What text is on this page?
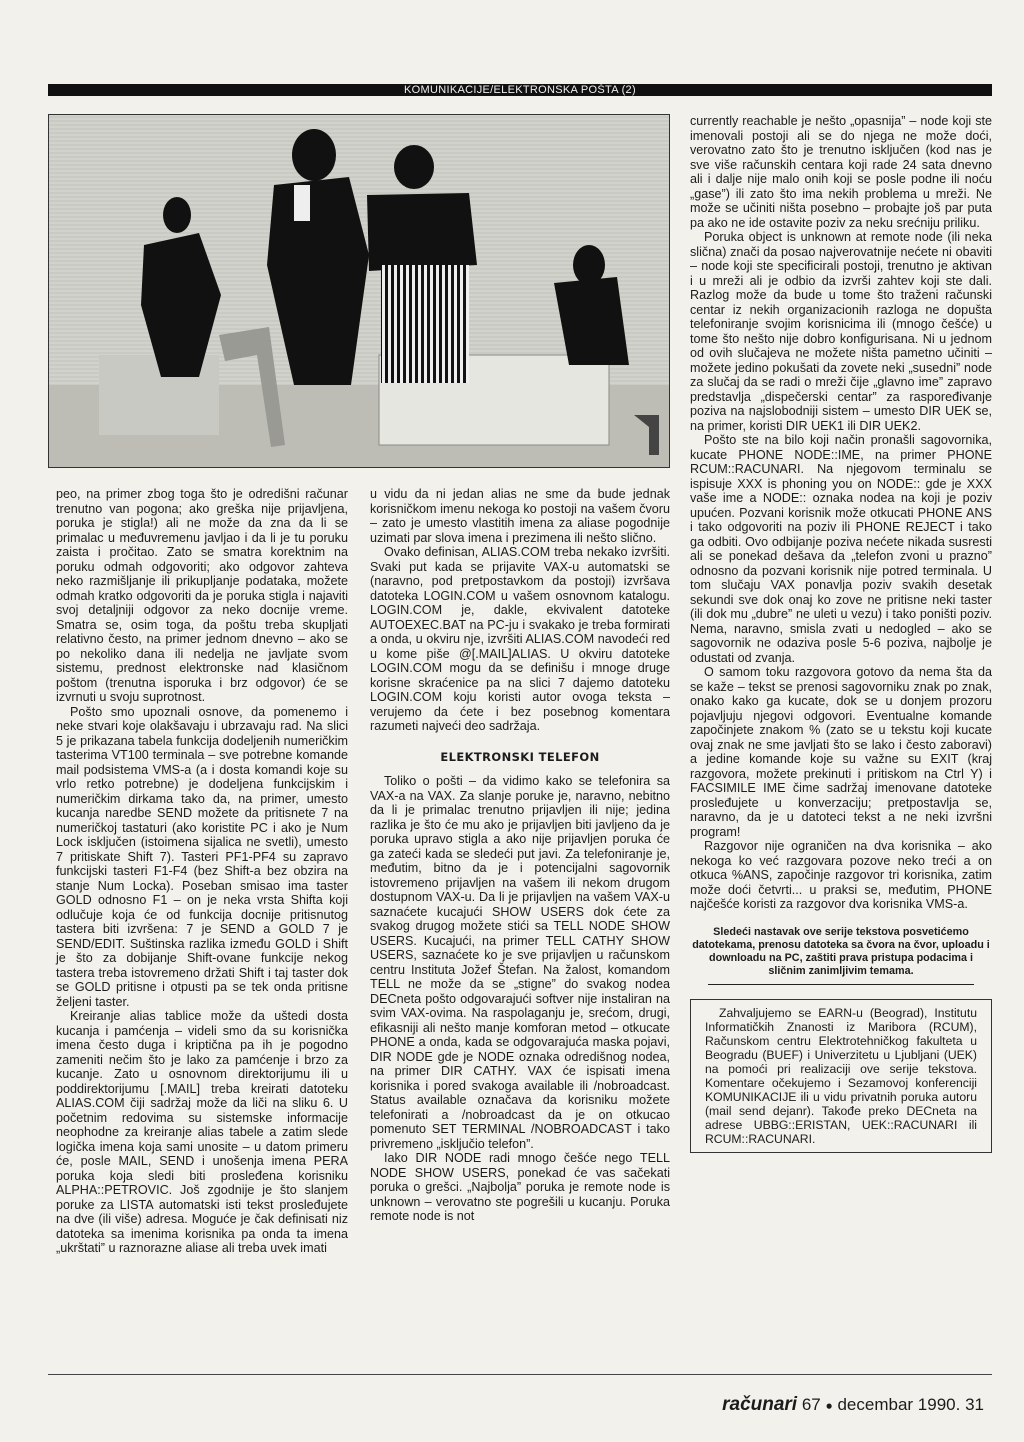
KOMUNIKACIJE/ELEKTRONSKA POŠTA (2)

peo, na primer zbog toga što je odredišni računar trenutno van pogona; ako greška nije prijavljena, poruka je stigla!) ali ne može da zna da li se primalac u međuvremenu javljao i da li je tu poruku zaista i pročitao. Zato se smatra korektnim na poruku odmah odgovoriti; ako odgovor zahteva neko razmišljanje ili prikupljanje podataka, možete odmah kratko odgovoriti da je poruka stigla i najaviti svoj detaljniji odgovor za neko docnije vreme. Smatra se, osim toga, da poštu treba skupljati relativno često, na primer jednom dnevno – ako se po nekoliko dana ili nedelja ne javljate svom sistemu, prednost elektronske nad klasičnom poštom (trenutna isporuka i brz odgovor) će se izvrnuti u svoju suprotnost.

Pošto smo upoznali osnove, da pomenemo i neke stvari koje olakšavaju i ubrzavaju rad. Na slici 5 je prikazana tabela funkcija dodeljenih numeričkim tasterima VT100 terminala – sve potrebne komande mail podsistema VMS-a (a i dosta komandi koje su vrlo retko potrebne) je dodeljena funkcijskim i numeričkim dirkama tako da, na primer, umesto kucanja naredbe SEND možete da pritisnete 7 na numeričkoj tastaturi (ako koristite PC i ako je Num Lock isključen (istoimena sijalica ne svetli), umesto 7 pritiskate Shift 7). Tasteri PF1-PF4 su zapravo funkcijski tasteri F1-F4 (bez Shift-a bez obzira na stanje Num Locka). Poseban smisao ima taster GOLD odnosno F1 – on je neka vrsta Shifta koji odlučuje koja će od funkcija docnije pritisnutog tastera biti izvršena: 7 je SEND a GOLD 7 je SEND/EDIT. Suštinska razlika između GOLD i Shift je što za dobijanje Shift-ovane funkcije nekog tastera treba istovremeno držati Shift i taj taster dok se GOLD pritisne i otpusti pa se tek onda pritisne željeni taster.

Kreiranje alias tablice može da uštedi dosta kucanja i pamćenja – videli smo da su korisnička imena često duga i kriptična pa ih je pogodno zameniti nečim što je lako za pamćenje i brzo za kucanje. Zato u osnovnom direktorijumu ili u poddirektorijumu [.MAIL] treba kreirati datoteku ALIAS.COM čiji sadržaj može da liči na sliku 6. U početnim redovima su sistemske informacije neophodne za kreiranje alias tabele a zatim slede logička imena koja sami unosite – u datom primeru će, posle MAIL, SEND i unošenja imena PERA poruka koja sledi biti prosleđena korisniku ALPHA::PETROVIC. Još zgodnije je što slanjem poruke za LISTA automatski isti tekst prosleđujete na dve (ili više) adresa. Moguće je čak definisati niz datoteka sa imenima korisnika pa onda ta imena „ukrštati” u raznorazne aliase ali treba uvek imati

u vidu da ni jedan alias ne sme da bude jednak korisničkom imenu nekoga ko postoji na vašem čvoru – zato je umesto vlastitih imena za aliase pogodnije uzimati par slova imena i prezimena ili nešto slično.

Ovako definisan, ALIAS.COM treba nekako izvršiti. Svaki put kada se prijavite VAX-u automatski se (naravno, pod pretpostavkom da postoji) izvršava datoteka LOGIN.COM u vašem osnovnom katalogu. LOGIN.COM je, dakle, ekvivalent datoteke AUTOEXEC.BAT na PC-ju i svakako je treba formirati a onda, u okviru nje, izvršiti ALIAS.COM navodeći red u kome piše @[.MAIL]ALIAS. U okviru datoteke LOGIN.COM mogu da se definišu i mnoge druge korisne skraćenice pa na slici 7 dajemo datoteku LOGIN.COM koju koristi autor ovoga teksta – verujemo da ćete i bez posebnog komentara razumeti najveći deo sadržaja.

ELEKTRONSKI TELEFON

Toliko o pošti – da vidimo kako se telefonira sa VAX-a na VAX. Za slanje poruke je, naravno, nebitno da li je primalac trenutno prijavljen ili nije; jedina razlika je što će mu ako je prijavljen biti javljeno da je poruka upravo stigla a ako nije prijavljen poruka će ga zateći kada se sledeći put javi. Za telefoniranje je, međutim, bitno da je i potencijalni sagovornik istovremeno prijavljen na vašem ili nekom drugom dostupnom VAX-u. Da li je prijavljen na vašem VAX-u saznaćete kucajući SHOW USERS dok ćete za svakog drugog možete stići sa TELL NODE SHOW USERS. Kucajući, na primer TELL CATHY SHOW USERS, saznaćete ko je sve prijavljen u računskom centru Instituta Jožef Štefan. Na žalost, komandom TELL ne može da se „stigne” do svakog nodea DECneta pošto odgovarajući softver nije instaliran na svim VAX-ovima. Na raspolaganju je, srećom, drugi, efikasniji ali nešto manje komforan metod – otkucate PHONE a onda, kada se odgovarajuća maska pojavi, DIR NODE gde je NODE oznaka odredišnog nodea, na primer DIR CATHY. VAX će ispisati imena korisnika i pored svakoga available ili /nobroadcast. Status available označava da korisniku možete telefonirati a /nobroadcast da je on otkucao pomenuto SET TERMINAL /NOBROADCAST i tako privremeno „isključio telefon”.

Iako DIR NODE radi mnogo češće nego TELL NODE SHOW USERS, ponekad će vas sačekati poruka o grešci. „Najbolja” poruka je remote node is unknown – verovatno ste pogrešili u kucanju. Poruka remote node is not

currently reachable je nešto „opasnija” – node koji ste imenovali postoji ali se do njega ne može doći, verovatno zato što je trenutno isključen (kod nas je sve više računskih centara koji rade 24 sata dnevno ali i dalje nije malo onih koji se posle podne ili noću „gase”) ili zato što ima nekih problema u mreži. Ne može se učiniti ništa posebno – probajte još par puta pa ako ne ide ostavite poziv za neku srećniju priliku.

Poruka object is unknown at remote node (ili neka slična) znači da posao najverovatnije nećete ni obaviti – node koji ste specificirali postoji, trenutno je aktivan i u mreži ali je odbio da izvrši zahtev koji ste dali. Razlog može da bude u tome što traženi računski centar iz nekih organizacionih razloga ne dopušta telefoniranje svojim korisnicima ili (mnogo češće) u tome što nešto nije dobro konfigurisana. Ni u jednom od ovih slučajeva ne možete ništa pametno učiniti – možete jedino pokušati da zovete neki „susedni” node za slučaj da se radi o mreži čije „glavno ime” zapravo predstavlja „dispečerski centar” za raspoređivanje poziva na najslobodniji sistem – umesto DIR UEK se, na primer, koristi DIR UEK1 ili DIR UEK2.

Pošto ste na bilo koji način pronašli sagovornika, kucate PHONE NODE::IME, na primer PHONE RCUM::RACUNARI. Na njegovom terminalu se ispisuje XXX is phoning you on NODE:: gde je XXX vaše ime a NODE:: oznaka nodea na koji je poziv upućen. Pozvani korisnik može otkucati PHONE ANS i tako odgovoriti na poziv ili PHONE REJECT i tako ga odbiti. Ovo odbijanje poziva nećete nikada susresti ali se ponekad dešava da „telefon zvoni u prazno” odnosno da pozvani korisnik nije potred terminala. U tom slučaju VAX ponavlja poziv svakih desetak sekundi sve dok onaj ko zove ne pritisne neki taster (ili dok mu „dubre” ne uleti u vezu) i tako poništi poziv. Nema, naravno, smisla zvati u nedogled – ako se sagovornik ne odaziva posle 5-6 poziva, najbolje je odustati od zvanja.

O samom toku razgovora gotovo da nema šta da se kaže – tekst se prenosi sagovorniku znak po znak, onako kako ga kucate, dok se u donjem prozoru pojavljuju njegovi odgovori. Eventualne komande započinjete znakom % (zato se u tekstu koji kucate ovaj znak ne sme javljati što se lako i često zaboravi) a jedine komande koje su važne su EXIT (kraj razgovora, možete prekinuti i pritiskom na Ctrl Y) i FACSIMILE IME čime sadržaj imenovane datoteke prosleđujete u konverzaciju; pretpostavlja se, naravno, da je u datoteci tekst a ne neki izvršni program!

Razgovor nije ograničen na dva korisnika – ako nekoga ko već razgovara pozove neko treći a on otkuca %ANS, započinje razgovor tri korisnika, zatim može doći četvrti... u praksi se, međutim, PHONE najčešće koristi za razgovor dva korisnika VMS-a.

Sledeći nastavak ove serije tekstova posvetićemo datotekama, prenosu datoteka sa čvora na čvor, uploadu i downloadu na PC, zaštiti prava pristupa podacima i sličnim zanimljivim temama.

Zahvaljujemo se EARN-u (Beograd), Institutu Informatičkih Znanosti iz Maribora (RCUM), Računskom centru Elektrotehničkog fakulteta u Beogradu (BUEF) i Univerzitetu u Ljubljani (UEK) na pomoći pri realizaciji ove serije tekstova. Komentare očekujemo i Sezamovoj konferenciji KOMUNIKACIJE ili u vidu privatnih poruka autoru (mail send dejanr). Takođe preko DECneta na adrese UBBG::ERISTAN, UEK::RACUNARI ili RCUM::RACUNARI.

računari 67 ● decembar 1990. 31
